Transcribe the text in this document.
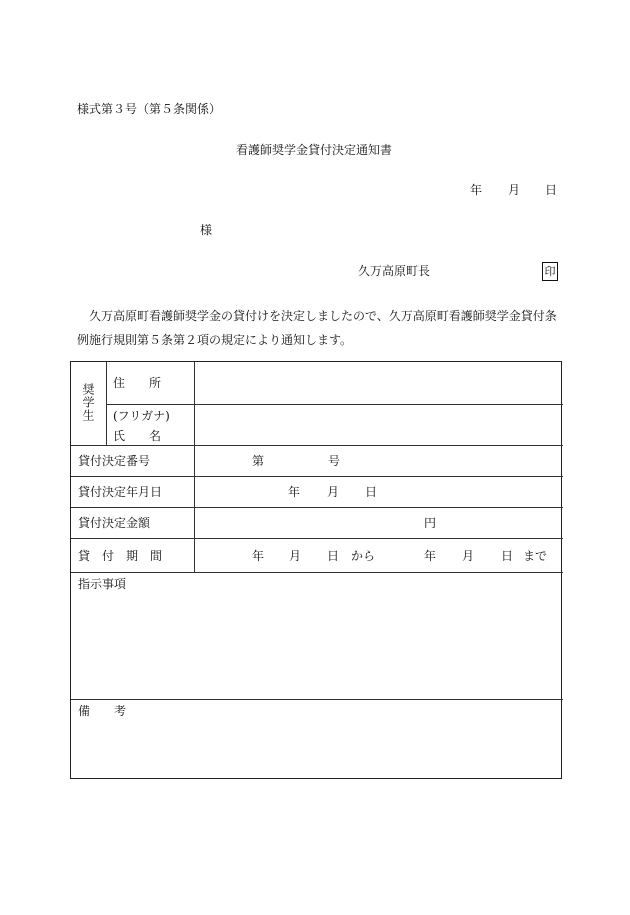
様式第３号（第５条関係）
看護師奨学金貸付決定通知書
年 月 日
様
久万高原町長	印
久万高原町看護師奨学金の貸付けを決定しましたので、久万高原町看護師奨学金貸付条例施行規則第５条第２項の規定により通知します。
奨学生 住　　所
(フリガナ)
氏　　名
貸付決定番号	第	号
貸付決定年月日	年 月 日
貸付決定金額	円
貸　付　期　間	年 月 日 から	年 月 日 まで
指示事項
備　　考
